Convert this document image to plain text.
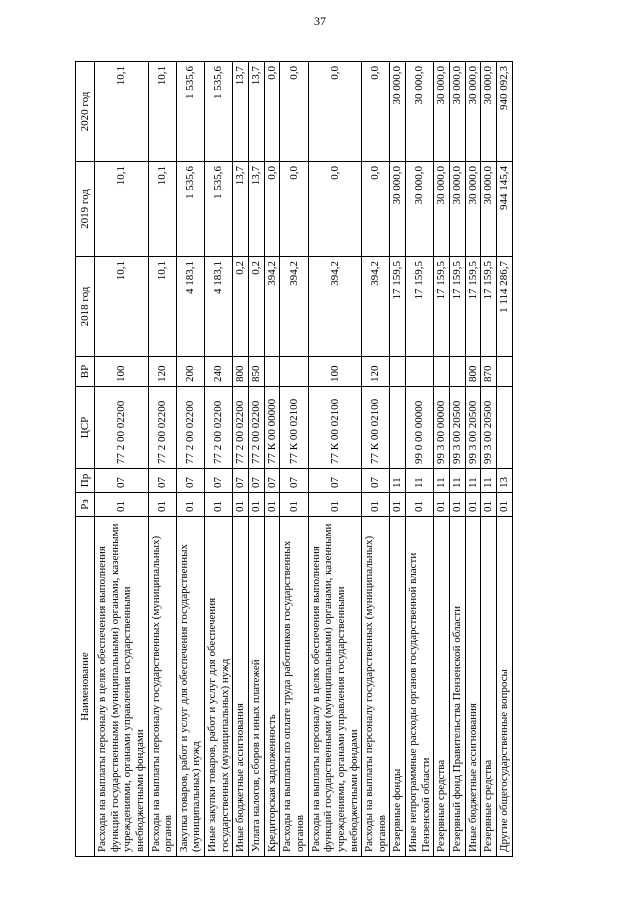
37
Наименование	Рз	Пр	ЦСР	ВР	2018 год	2019 год	2020 год
Расходы на выплаты персоналу в целях обеспечения выполнения функций государственными (муниципальными) органами, казенными учреждениями, органами управления государственными внебюджетными фондами	01	07	77 2 00 02200	100	10,1	10,1	10,1
Расходы на выплаты персоналу государственных (муниципальных) органов	01	07	77 2 00 02200	120	10,1	10,1	10,1
Закупка товаров, работ и услуг для обеспечения государственных (муниципальных) нужд	01	07	77 2 00 02200	200	4 183,1	1 535,6	1 535,6
Иные закупки товаров, работ и услуг для обеспечения государственных (муниципальных) нужд	01	07	77 2 00 02200	240	4 183,1	1 535,6	1 535,6
Иные бюджетные ассигнования	01	07	77 2 00 02200	800	0,2	13,7	13,7
Уплата налогов, сборов и иных платежей	01	07	77 2 00 02200	850	0,2	13,7	13,7
Кредиторская задолженность	01	07	77 К 00 00000		394,2	0,0	0,0
Расходы на выплаты по оплате труда работников государственных органов	01	07	77 К 00 02100		394,2	0,0	0,0
Расходы на выплаты персоналу в целях обеспечения выполнения функций государственными (муниципальными) органами, казенными учреждениями, органами управления государственными внебюджетными фондами	01	07	77 К 00 02100	100	394,2	0,0	0,0
Расходы на выплаты персоналу государственных (муниципальных) органов	01	07	77 К 00 02100	120	394,2	0,0	0,0
Резервные фонды	01	11			17 159,5	30 000,0	30 000,0
Иные непрограммные расходы органов государственной власти Пензенской области	01	11	99 0 00 00000		17 159,5	30 000,0	30 000,0
Резервные средства	01	11	99 3 00 00000		17 159,5	30 000,0	30 000,0
Резервный фонд Правительства Пензенской области	01	11	99 3 00 20500		17 159,5	30 000,0	30 000,0
Иные бюджетные ассигнования	01	11	99 3 00 20500	800	17 159,5	30 000,0	30 000,0
Резервные средства	01	11	99 3 00 20500	870	17 159,5	30 000,0	30 000,0
Другие общегосударственные вопросы	01	13			1 114 286,7	944 145,4	940 092,3
